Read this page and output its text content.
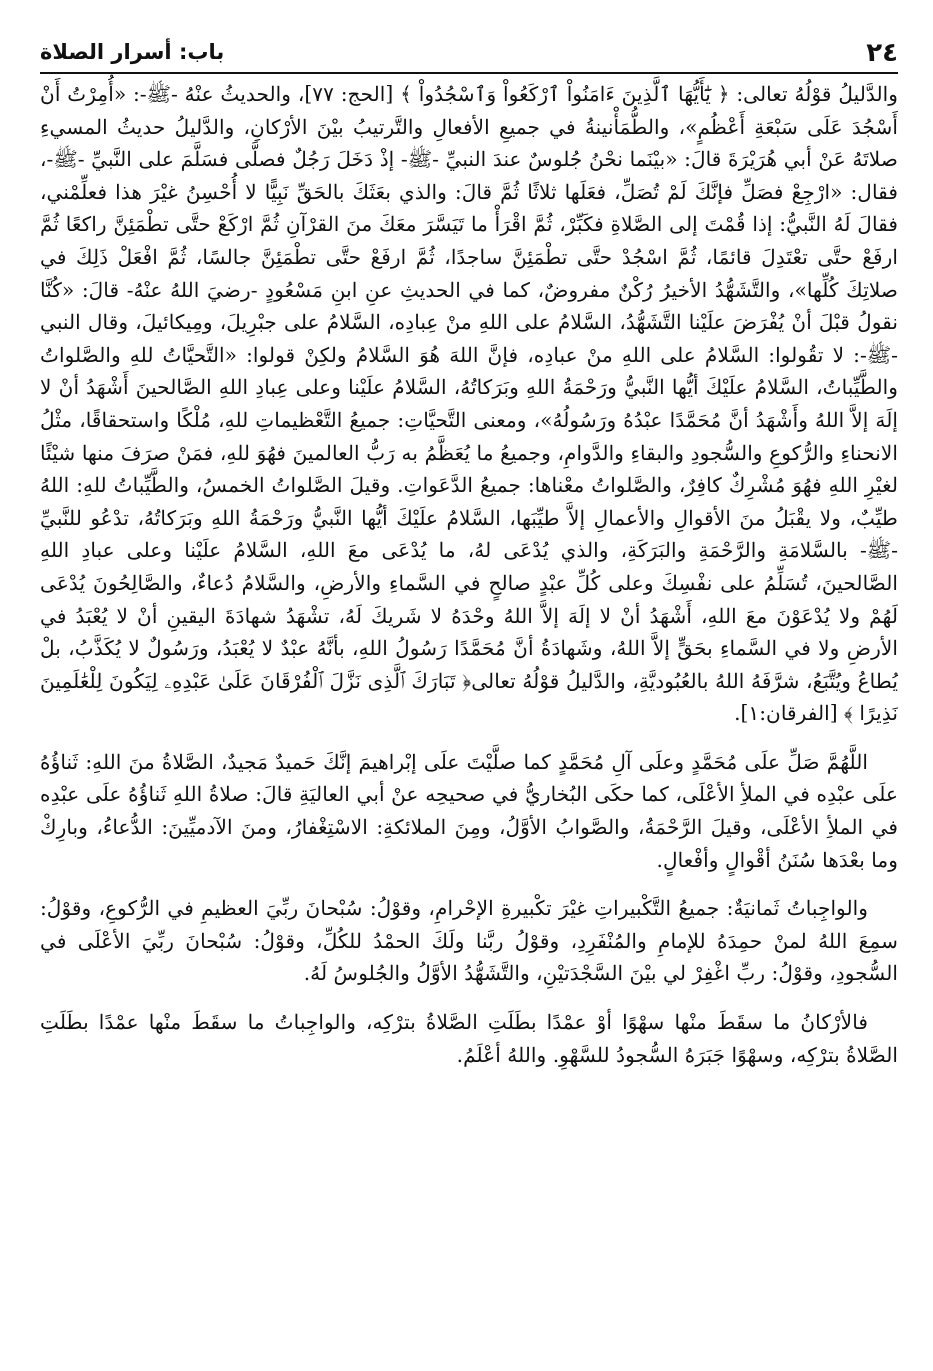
٢٤
باب: أسرار الصلاة

والدَّليلُ قوْلُهُ تعالى: ﴿ يَٰٓأَيُّهَا ٱلَّذِينَ ءَامَنُواْ ٱرْكَعُواْ وَٱسْجُدُواْ ﴾ [الحج: ٧٧]، والحديثُ عنْهُ -ﷺ-: «أُمِرْتُ أَنْ أَسْجُدَ عَلَى سَبْعَةِ أَعْظُمٍ»، والطُّمَأْنينةُ في جميعِ الأفعالِ والتَّرتيبُ بيْنَ الأرْكانِ، والدَّليلُ حديثُ المسيءِ صلاتَهُ عَنْ أبي هُرَيْرَةَ قالَ: «بيْنَما نحْنُ جُلوسٌ عندَ النبيِّ -ﷺ- إذْ دَخَلَ رَجُلٌ فصلَّى فسَلَّمَ على النَّبيِّ -ﷺ-، فقال: «ارْجِعْ فصَلِّ فإنَّكَ لَمْ تُصَلِّ، فعَلَها ثلاثًا ثُمَّ قالَ: والذي بعَثَكَ بالحَقِّ نَبِيًّا لا أُحْسِنُ غيْرَ هذا فعلِّمْني، فقالَ لَهُ النَّبيُّ: إذا قُمْتَ إلى الصَّلاةِ فكَبِّرْ، ثُمَّ اقْرَأْ ما تَيَسَّرَ معَكَ منَ القرْآنِ ثُمَّ ارْكَعْ حتَّى تطْمَئِنَّ راكعًا ثُمَّ ارفَعْ حتَّى تعْتَدِلَ قائمًا، ثُمَّ اسْجُدْ حتَّى تطْمَئِنَّ ساجدًا، ثُمَّ ارفَعْ حتَّى تطْمَئِنَّ جالسًا، ثُمَّ افْعَلْ ذَلِكَ في صلاتِكَ كُلِّها»، والتَّشَهُّدُ الأخيرُ رُكْنٌ مفروضٌ، كما في الحديثِ عنِ ابنِ مَسْعُودٍ -رضيَ اللهُ عنْهُ- قالَ: «كُنَّا نقولُ قبْلَ أنْ يُفْرَضَ علَيْنا التَّشَهُّدُ، السَّلامُ على اللهِ منْ عِبادِه، السَّلامُ على جبْرِيلَ، ومِيكائيلَ، وقال النبي -ﷺ-: لا تقُولوا: السَّلامُ على اللهِ منْ عبادِه، فإنَّ اللهَ هُوَ السَّلامُ ولكِنْ قولوا: «التَّحيَّاتُ للهِ والصَّلواتُ والطَّيِّباتُ، السَّلامُ علَيْكَ أيُّها النَّبيُّ ورَحْمَةُ اللهِ وبَرَكاتُهُ، السَّلامُ علَيْنا وعلى عِبادِ اللهِ الصَّالحينَ أَشْهَدُ أنْ لا إلَهَ إلاَّ اللهُ وأَشْهَدُ أنَّ مُحَمَّدًا عبْدُهُ ورَسُولُهُ»، ومعنى التَّحيَّاتِ: جميعُ التَّعْظيماتِ للهِ، مُلْكًا واستحقاقًا، مثْلُ الانحناءِ والرُّكوعِ والسُّجودِ والبقاءِ والدَّوامِ، وجميعُ ما يُعَظَّمُ به رَبُّ العالمينَ فهُوَ للهِ، فمَنْ صرَفَ منها شيْئًا لغيْرِ اللهِ فهُوَ مُشْرِكٌ كافِرٌ، والصَّلواتُ معْناها: جميعُ الدَّعَواتِ. وقيلَ الصَّلواتُ الخمسُ، والطَّيِّباتُ للهِ: اللهُ طيِّبٌ، ولا يقْبَلُ منَ الأقوالِ والأعمالِ إلاَّ طيِّبَها، السَّلامُ علَيْكَ أيُّها النَّبيُّ ورَحْمَةُ اللهِ وبَرَكاتُهُ، تدْعُو للنَّبيِّ -ﷺ- بالسَّلامَةِ والرَّحْمَةِ والبَرَكَةِ، والذي يُدْعَى لهُ، ما يُدْعَى معَ اللهِ، السَّلامُ علَيْنا وعلى عبادِ اللهِ الصَّالحينَ، تُسَلِّمُ على نفْسِكَ وعلى كُلِّ عبْدٍ صالحٍ في السَّماءِ والأرضِ، والسَّلامُ دُعاءٌ، والصَّالِحُونَ يُدْعَى لَهُمْ ولا يُدْعَوْنَ معَ اللهِ، أَشْهَدُ أنْ لا إلَهَ إلاَّ اللهُ وحْدَهُ لا شَريكَ لَهُ، تشْهَدُ شهادَةَ اليقينِ أنْ لا يُعْبَدُ في الأرضِ ولا في السَّماءِ بحَقٍّ إلاَّ اللهُ، وشَهادَةُ أنَّ مُحَمَّدًا رَسُولُ اللهِ، بأنَّهُ عبْدٌ لا يُعْبَدُ، ورَسُولٌ لا يُكَذَّبُ، بلْ يُطاعُ ويُتَّبَعُ، شرَّفَهُ اللهُ بالعُبُوديَّةِ، والدَّليلُ قوْلُهُ تعالى﴿ تَبَارَكَ ٱلَّذِى نَزَّلَ ٱلْفُرْقَانَ عَلَىٰ عَبْدِهِۦ لِيَكُونَ لِلْعَٰلَمِينَ نَذِيرًا ﴾ [الفرقان:١].

اللَّهُمَّ صَلِّ علَى مُحَمَّدٍ وعلَى آلِ مُحَمَّدٍ كما صلَّيْتَ علَى إبْراهيمَ إنَّكَ حَميدٌ مَجيدٌ، الصَّلاةُ منَ اللهِ: ثَناؤُهُ علَى عبْدِه في الملأِ الأعْلَى، كما حكَى البُخاريُّ في صحيحِه عنْ أبي العاليَةِ قالَ: صلاةُ اللهِ ثَناؤُهُ علَى عبْدِه في الملأِ الأعْلَى، وقيلَ الرَّحْمَةُ، والصَّوابُ الأوَّلُ، ومِنَ الملائكةِ: الاسْتِغْفارُ، ومنَ الآدميِّينَ: الدُّعاءُ، وبارِكْ وما بعْدَها سُنَنُ أقْوالٍ وأفْعالٍ.

والواجِباتُ ثَمانيَةٌ: جميعُ التَّكْبيراتِ غيْرَ تكْبيرةِ الإحْرامِ، وقوْلُ: سُبْحانَ ربِّيَ العظيمِ في الرُّكوعِ، وقوْلُ: سمِعَ اللهُ لمنْ حمِدَهُ للإمامِ والمُنْفَرِدِ، وقوْلُ ربَّنا ولَكَ الحمْدُ للكُلِّ، وقوْلُ: سُبْحانَ ربِّيَ الأعْلَى في السُّجودِ، وقوْلُ: ربِّ اغْفِرْ لي بيْنَ السَّجْدَتيْنِ، والتَّشَهُّدُ الأوَّلُ والجُلوسُ لَهُ.

فالأرْكانُ ما سقَطَ منْها سهْوًا أوْ عمْدًا بطَلَتِ الصَّلاةُ بترْكِه، والواجِباتُ ما سقَطَ منْها عمْدًا بطَلَتِ الصَّلاةُ بترْكِه، وسهْوًا جَبَرَهُ السُّجودُ للسَّهْوِ. واللهُ أعْلَمُ.
